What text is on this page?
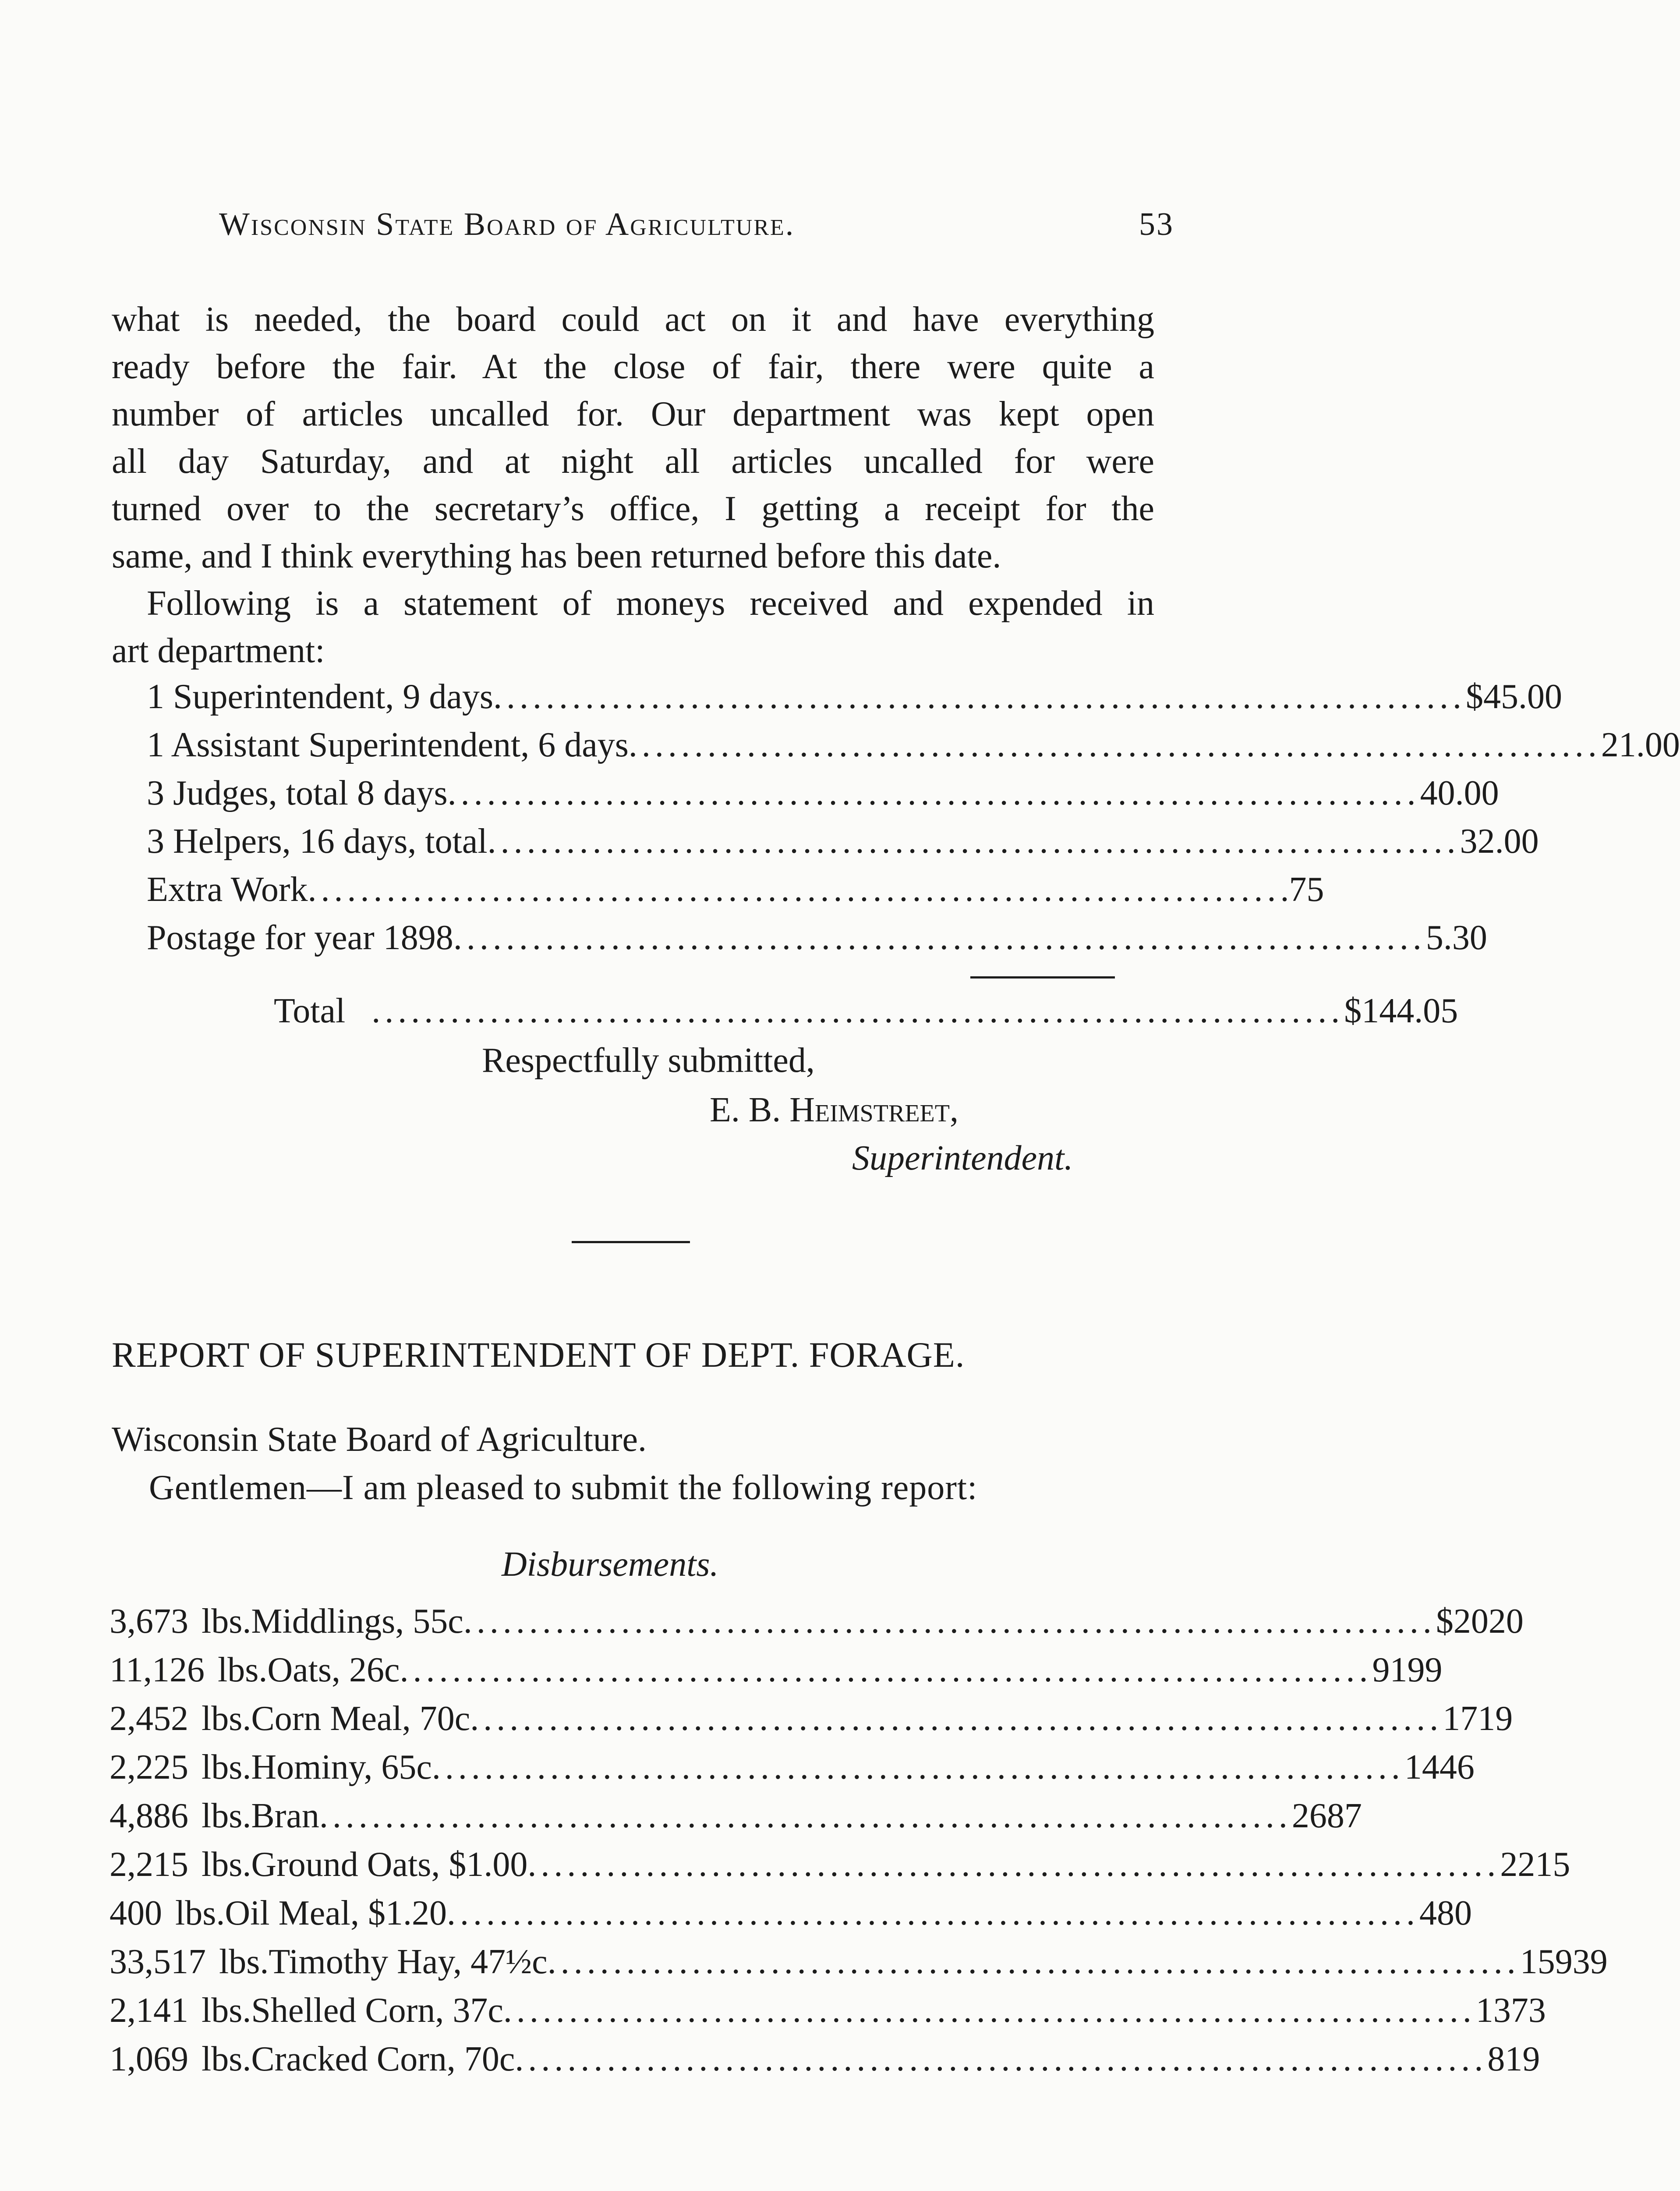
Wisconsin State Board of Agriculture.	53
what is needed, the board could act on it and have everything
ready before the fair. At the close of fair, there were quite a
number of articles uncalled for. Our department was kept open
all day Saturday, and at night all articles uncalled for were
turned over to the secretary’s office, I getting a receipt for the
same, and I think everything has been returned before this date.
Following is a statement of moneys received and expended in
art department:
1 Superintendent, 9 days .......................................................................... $45.00
1 Assistant Superintendent, 6 days .......................................................................... 21.00
3 Judges, total 8 days .......................................................................... 40.00
3 Helpers, 16 days, total .......................................................................... 32.00
Extra Work .......................................................................... .75
Postage for year 1898 .......................................................................... 5.30
Total .......................................................................... $144.05
Respectfully submitted,
E. B. Heimstreet,
Superintendent.
REPORT OF SUPERINTENDENT OF DEPT. FORAGE.
Wisconsin State Board of Agriculture.
Gentlemen—I am pleased to submit the following report:
Disbursements.
3,673 lbs. Middlings, 55c .......................................................................... $20 20
11,126 lbs. Oats, 26c .......................................................................... 91 99
2,452 lbs. Corn Meal, 70c .......................................................................... 17 19
2,225 lbs. Hominy, 65c .......................................................................... 14 46
4,886 lbs. Bran .......................................................................... 26 87
2,215 lbs. Ground Oats, $1.00 .......................................................................... 22 15
400 lbs. Oil Meal, $1.20 .......................................................................... 4 80
33,517 lbs. Timothy Hay, 47½c .......................................................................... 159 39
2,141 lbs. Shelled Corn, 37c .......................................................................... 13 73
1,069 lbs. Cracked Corn, 70c .......................................................................... 8 19
